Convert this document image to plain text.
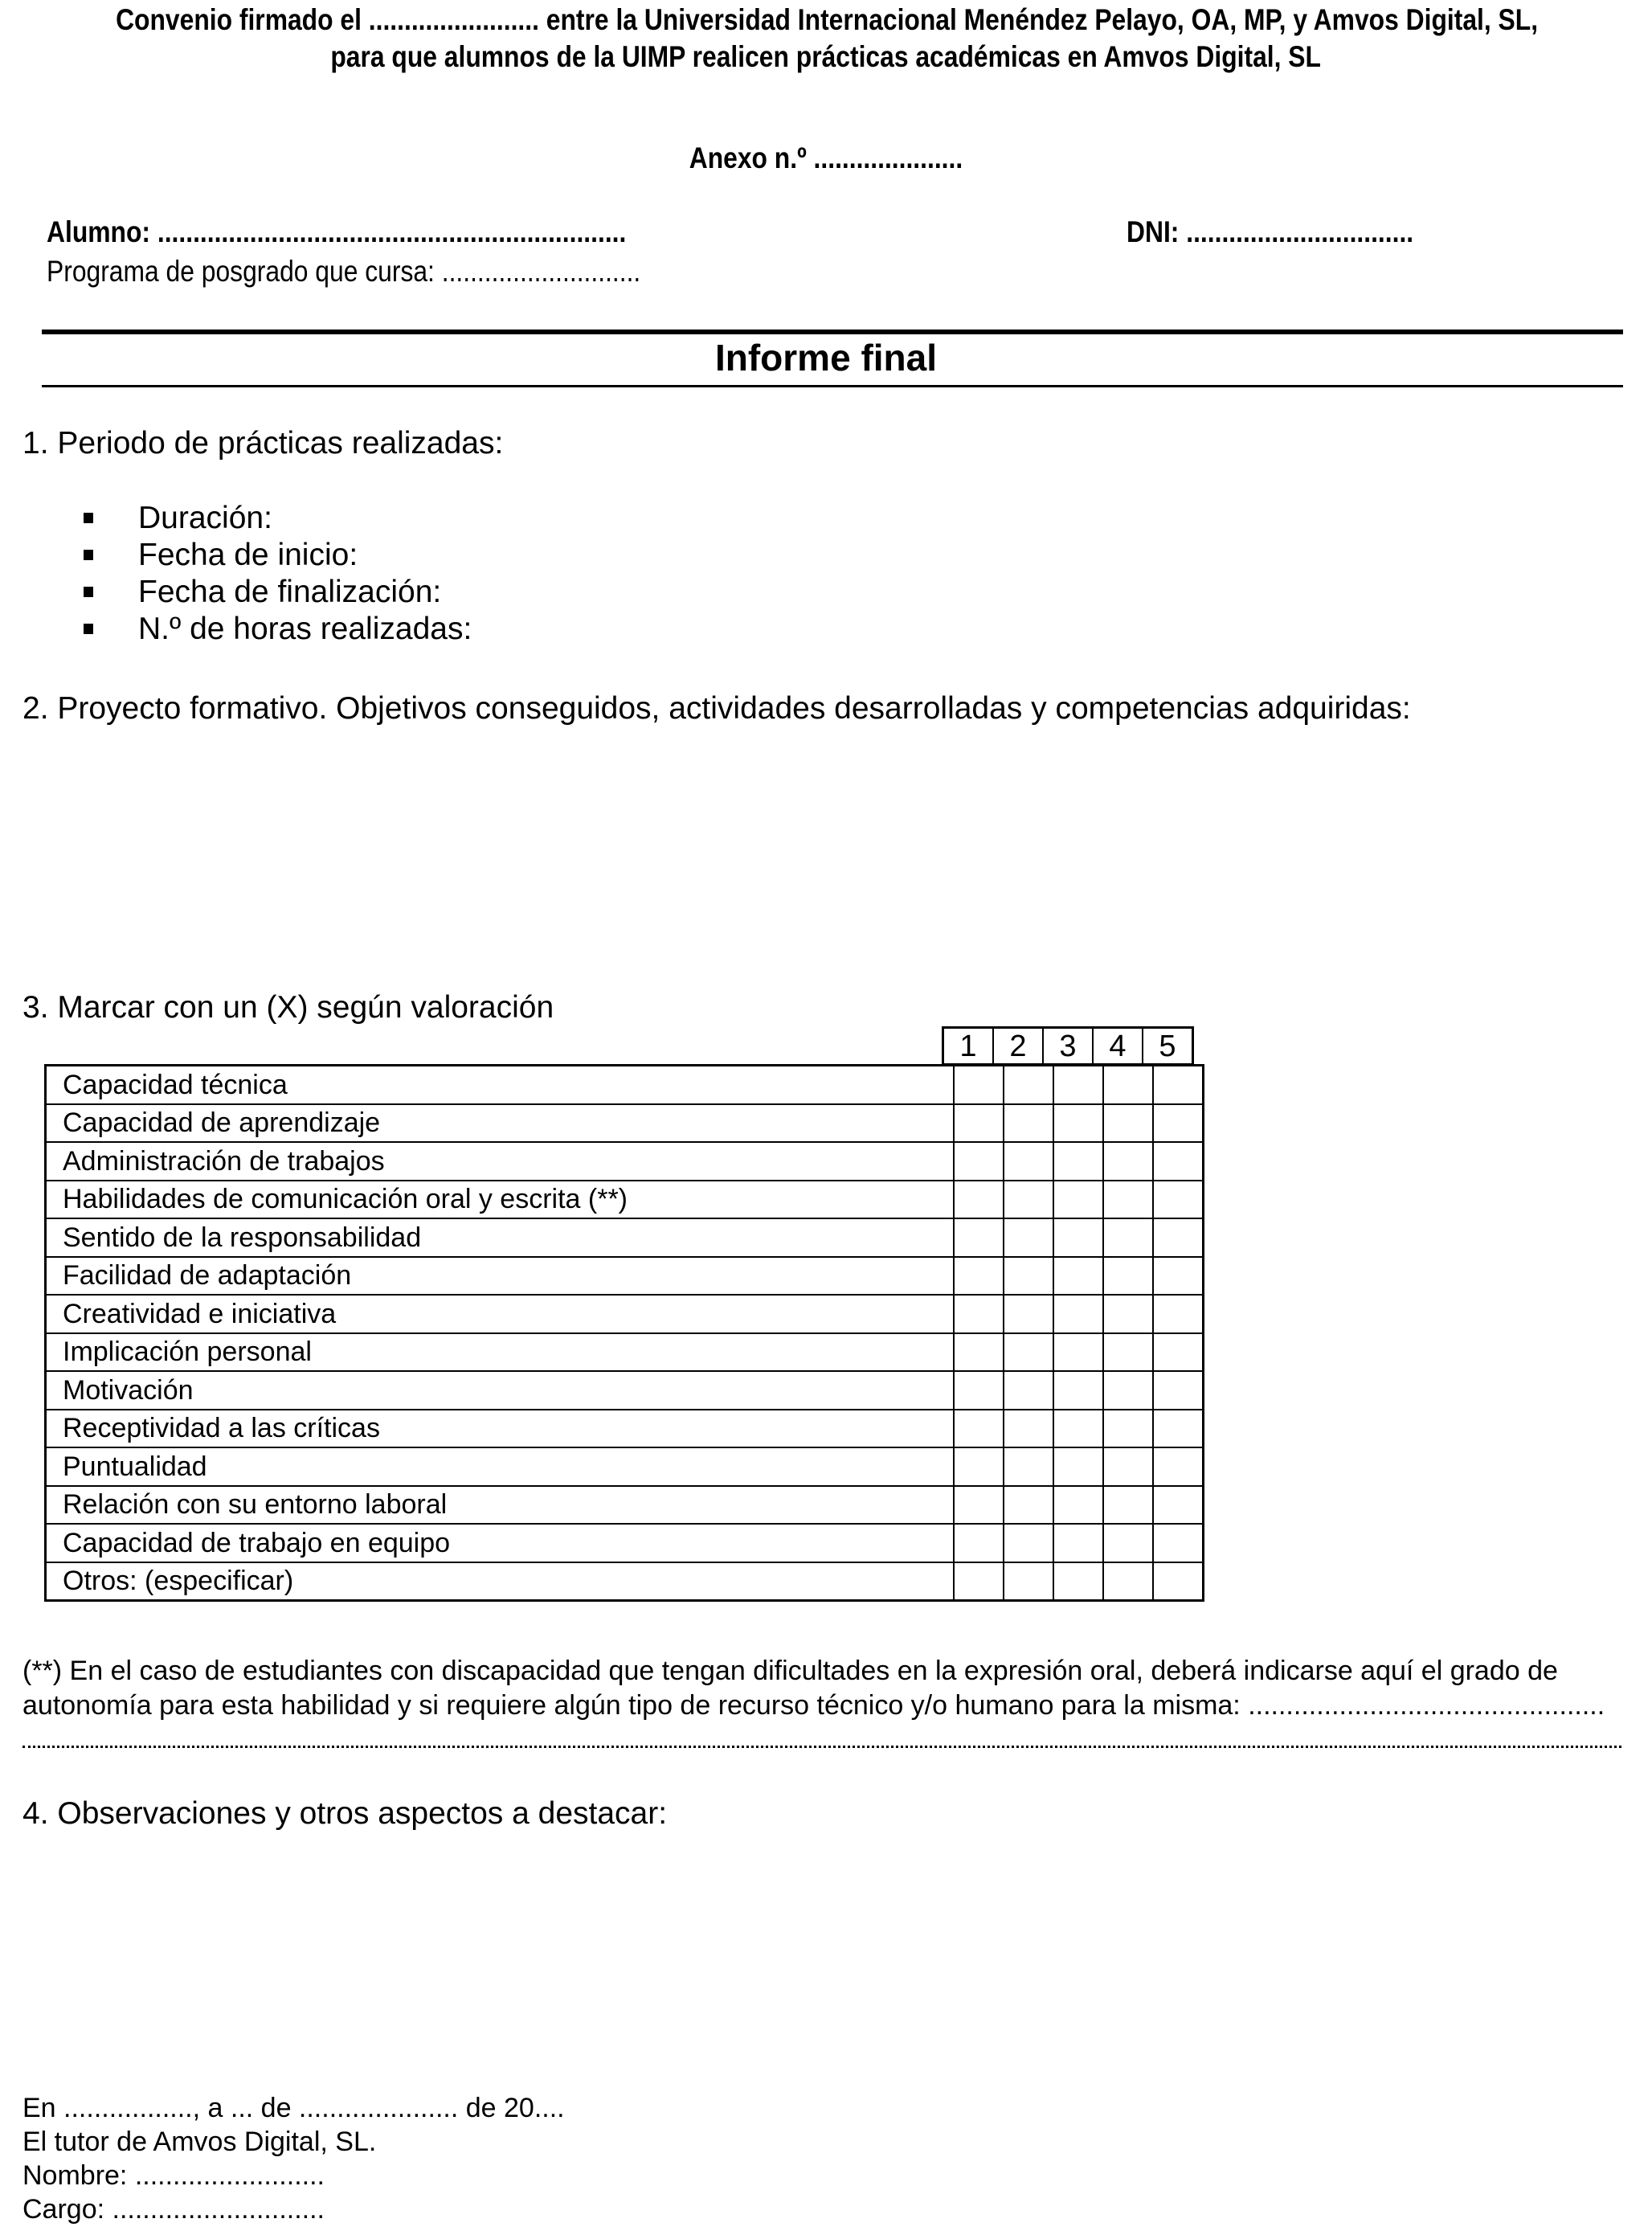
Convenio firmado el ........................ entre la Universidad Internacional Menéndez Pelayo, OA, MP, y Amvos Digital, SL,
para que alumnos de la UIMP realicen prácticas académicas en Amvos Digital, SL
Anexo n.º .....................
Alumno: ..................................................................	DNI: ................................
Programa de posgrado que cursa: ............................
Informe final
1. Periodo de prácticas realizadas:
Duración:
Fecha de inicio:
Fecha de finalización:
N.º de horas realizadas:
2. Proyecto formativo. Objetivos conseguidos, actividades desarrolladas y competencias adquiridas:
3. Marcar con un (X) según valoración
1	2	3	4	5
Capacidad técnica					
Capacidad de aprendizaje					
Administración de trabajos					
Habilidades de comunicación oral y escrita (**)					
Sentido de la responsabilidad					
Facilidad de adaptación					
Creatividad e iniciativa					
Implicación personal					
Motivación					
Receptividad a las críticas					
Puntualidad					
Relación con su entorno laboral					
Capacidad de trabajo en equipo					
Otros: (especificar)					
(**) En el caso de estudiantes con discapacidad que tengan dificultades en la expresión oral, deberá indicarse aquí el grado de
autonomía para esta habilidad y si requiere algún tipo de recurso técnico y/o humano para la misma: ...............................................
4. Observaciones y otros aspectos a destacar:
En ................., a ... de ..................... de 20....
El tutor de Amvos Digital, SL.
Nombre: .........................
Cargo: ............................
